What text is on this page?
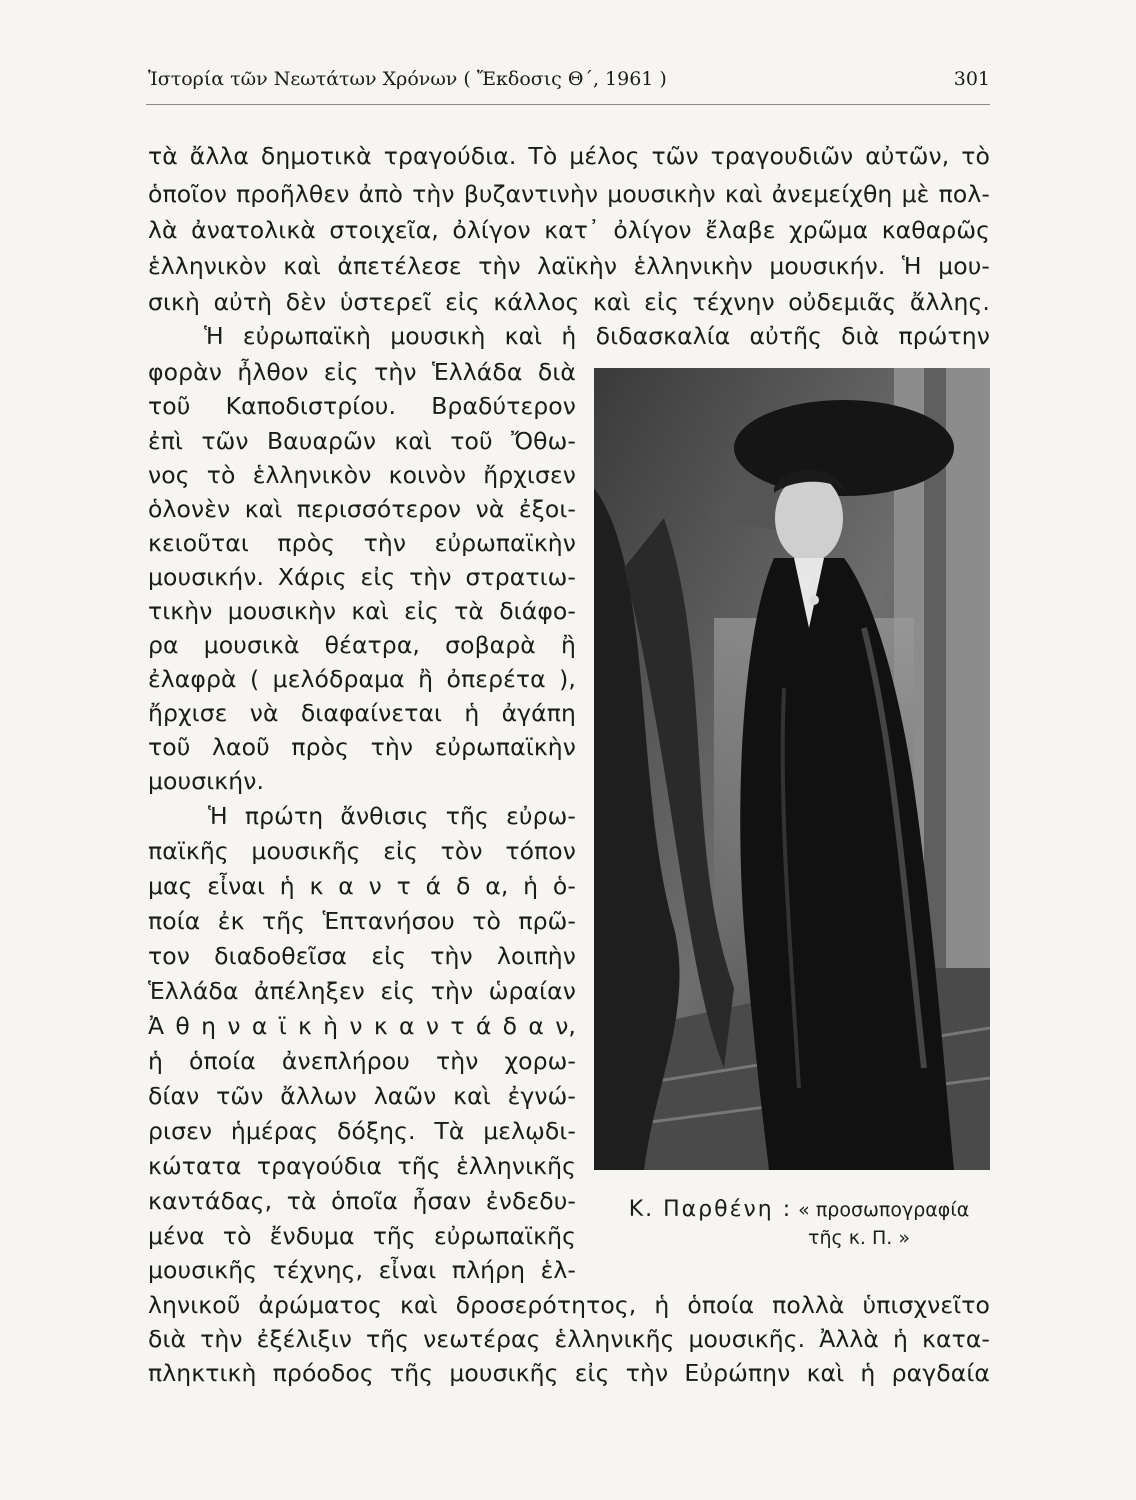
Ἱστορία τῶν Νεωτάτων Χρόνων ( Ἔκδοσις Θ΄, 1961 )	301
τὰ ἄλλα δημοτικὰ τραγούδια. Τὸ μέλος τῶν τραγουδιῶν αὐτῶν, τὸ
ὁποῖον προῆλθεν ἀπὸ τὴν βυζαντινὴν μουσικὴν καὶ ἀνεμείχθη μὲ πολ-
λὰ ἀνατολικὰ στοιχεῖα, ὀλίγον κατ᾽ ὀλίγον ἔλαβε χρῶμα καθαρῶς
ἑλληνικὸν καὶ ἀπετέλεσε τὴν λαϊκὴν ἑλληνικὴν μουσικήν. Ἡ μου-
σικὴ αὐτὴ δὲν ὑστερεῖ εἰς κάλλος καὶ εἰς τέχνην οὐδεμιᾶς ἄλλης.
Ἡ εὐρωπαϊκὴ μουσικὴ καὶ ἡ διδασκαλία αὐτῆς διὰ πρώτην
φορὰν ἦλθον εἰς τὴν Ἑλλάδα διὰ
τοῦ Καποδιστρίου. Βραδύτερον
ἐπὶ τῶν Βαυαρῶν καὶ τοῦ Ὄθω-
νος τὸ ἑλληνικὸν κοινὸν ἤρχισεν
ὁλονὲν καὶ περισσότερον νὰ ἐξοι-
κειοῦται πρὸς τὴν εὐρωπαϊκὴν
μουσικήν. Χάρις εἰς τὴν στρατιω-
τικὴν μουσικὴν καὶ εἰς τὰ διάφο-
ρα μουσικὰ θέατρα, σοβαρὰ ἢ
ἐλαφρὰ ( μελόδραμα ἢ ὀπερέτα ),
ἤρχισε νὰ διαφαίνεται ἡ ἀγάπη
τοῦ λαοῦ πρὸς τὴν εὐρωπαϊκὴν
μουσικήν.
Ἡ πρώτη ἄνθισις τῆς εὐρω-
παϊκῆς μουσικῆς εἰς τὸν τόπον
μας εἶναι ἡ κ α ν τ ά δ α, ἡ ὁ-
ποία ἐκ τῆς Ἑπτανήσου τὸ πρῶ-
τον διαδοθεῖσα εἰς τὴν λοιπὴν
Ἑλλάδα ἀπέληξεν εἰς τὴν ὡραίαν
Ἀ θ η ν α ϊ κ ὴ ν κ α ν τ ά δ α ν,
ἡ ὁποία ἀνεπλήρου τὴν χορω-
δίαν τῶν ἄλλων λαῶν καὶ ἐγνώ-
ρισεν ἡμέρας δόξης. Τὰ μελῳδι-
κώτατα τραγούδια τῆς ἑλληνικῆς
καντάδας, τὰ ὁποῖα ἦσαν ἐνδεδυ-
μένα τὸ ἔνδυμα τῆς εὐρωπαϊκῆς
μουσικῆς τέχνης, εἶναι πλήρη ἑλ-
ληνικοῦ ἀρώματος καὶ δροσερότητος, ἡ ὁποία πολλὰ ὑπισχνεῖτο
διὰ τὴν ἐξέλιξιν τῆς νεωτέρας ἑλληνικῆς μουσικῆς. Ἀλλὰ ἡ κατα-
πληκτικὴ πρόοδος τῆς μουσικῆς εἰς τὴν Εὐρώπην καὶ ἡ ραγδαία
Κ. Παρθένη : « προσωπογραφία
τῆς κ. Π. »
